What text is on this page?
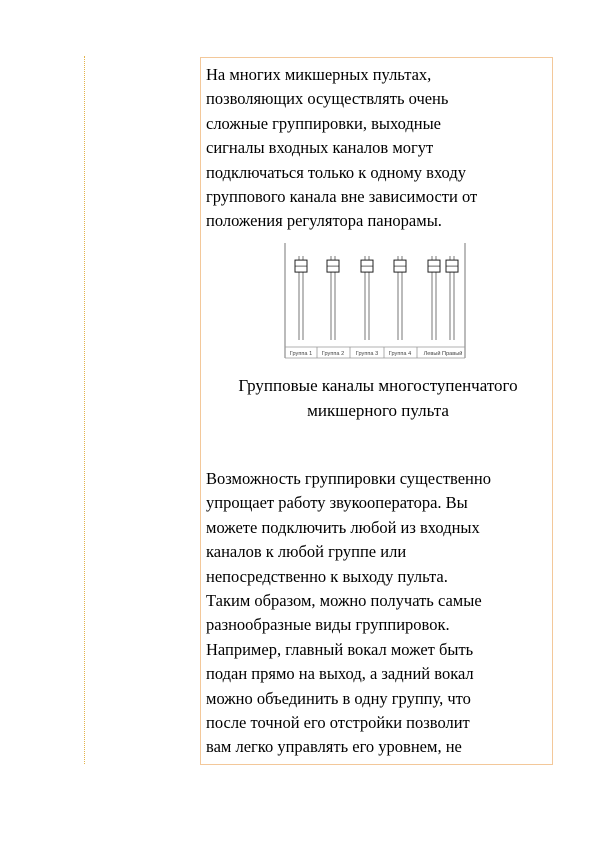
На многих микшерных пультах,
позволяющих осуществлять очень
сложные группировки, выходные
сигналы входных каналов могут
подключаться только к одному входу
группового канала вне зависимости от
положения регулятора панорамы.

Группа 1 Группа 2 Группа 3 Группа 4 Левый Правый

Групповые каналы многоступенчатого
микшерного пульта

Возможность группировки существенно
упрощает работу звукооператора. Вы
можете подключить любой из входных
каналов к любой группе или
непосредственно к выходу пульта.
Таким образом, можно получать самые
разнообразные виды группировок.
Например, главный вокал может быть
подан прямо на выход, а задний вокал
можно объединить в одну группу, что
после точной его отстройки позволит
вам легко управлять его уровнем, не
